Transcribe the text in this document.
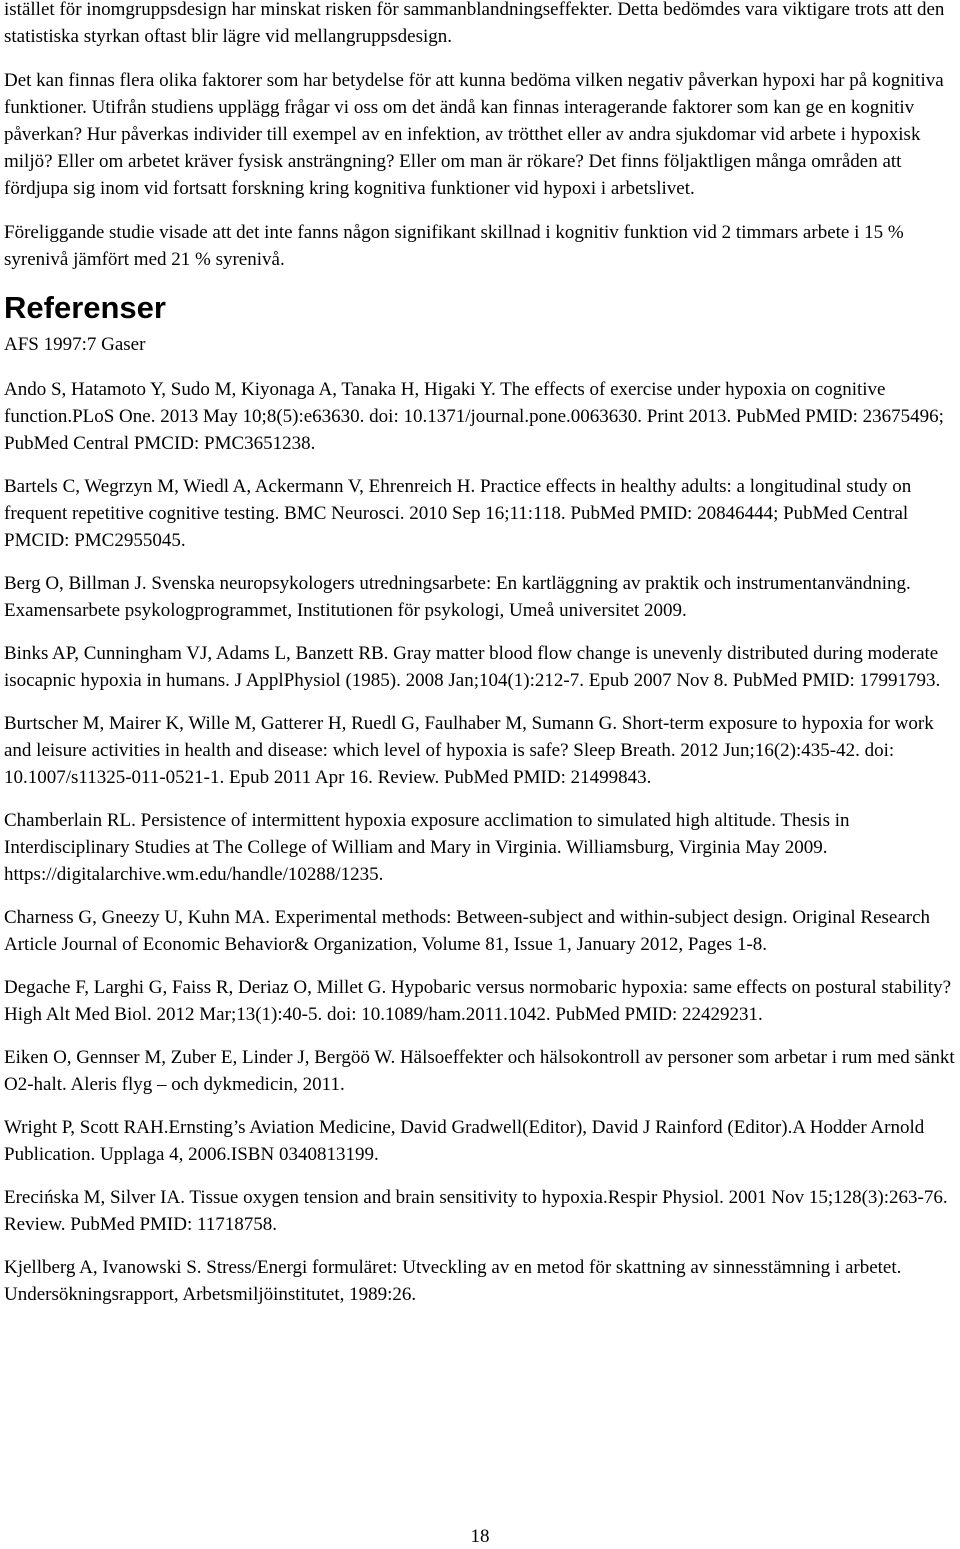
istället för inomgruppsdesign har minskat risken för sammanblandningseffekter. Detta bedömdes vara viktigare trots att den statistiska styrkan oftast blir lägre vid mellangruppsdesign.

Det kan finnas flera olika faktorer som har betydelse för att kunna bedöma vilken negativ påverkan hypoxi har på kognitiva funktioner. Utifrån studiens upplägg frågar vi oss om det ändå kan finnas interagerande faktorer som kan ge en kognitiv påverkan? Hur påverkas individer till exempel av en infektion, av trötthet eller av andra sjukdomar vid arbete i hypoxisk miljö? Eller om arbetet kräver fysisk ansträngning? Eller om man är rökare? Det finns följaktligen många områden att fördjupa sig inom vid fortsatt forskning kring kognitiva funktioner vid hypoxi i arbetslivet.

Föreliggande studie visade att det inte fanns någon signifikant skillnad i kognitiv funktion vid 2 timmars arbete i 15 % syrenivå jämfört med 21 % syrenivå.

Referenser

AFS 1997:7 Gaser

Ando S, Hatamoto Y, Sudo M, Kiyonaga A, Tanaka H, Higaki Y. The effects of exercise under hypoxia on cognitive function.PLoS One. 2013 May 10;8(5):e63630. doi: 10.1371/journal.pone.0063630. Print 2013. PubMed PMID: 23675496; PubMed Central PMCID: PMC3651238.

Bartels C, Wegrzyn M, Wiedl A, Ackermann V, Ehrenreich H. Practice effects in healthy adults: a longitudinal study on frequent repetitive cognitive testing. BMC Neurosci. 2010 Sep 16;11:118. PubMed PMID: 20846444; PubMed Central PMCID: PMC2955045.

Berg O, Billman J. Svenska neuropsykologers utredningsarbete: En kartläggning av praktik och instrumentanvändning. Examensarbete psykologprogrammet, Institutionen för psykologi, Umeå universitet 2009.

Binks AP, Cunningham VJ, Adams L, Banzett RB. Gray matter blood flow change is unevenly distributed during moderate isocapnic hypoxia in humans. J ApplPhysiol (1985). 2008 Jan;104(1):212-7. Epub 2007 Nov 8. PubMed PMID: 17991793.

Burtscher M, Mairer K, Wille M, Gatterer H, Ruedl G, Faulhaber M, Sumann G. Short-term exposure to hypoxia for work and leisure activities in health and disease: which level of hypoxia is safe? Sleep Breath. 2012 Jun;16(2):435-42. doi: 10.1007/s11325-011-0521-1. Epub 2011 Apr 16. Review. PubMed PMID: 21499843.

Chamberlain RL. Persistence of intermittent hypoxia exposure acclimation to simulated high altitude. Thesis in Interdisciplinary Studies at The College of William and Mary in Virginia. Williamsburg, Virginia May 2009. https://digitalarchive.wm.edu/handle/10288/1235.

Charness G, Gneezy U, Kuhn MA. Experimental methods: Between-subject and within-subject design. Original Research Article Journal of Economic Behavior& Organization, Volume 81, Issue 1, January 2012, Pages 1-8.

Degache F, Larghi G, Faiss R, Deriaz O, Millet G. Hypobaric versus normobaric hypoxia: same effects on postural stability? High Alt Med Biol. 2012 Mar;13(1):40-5. doi: 10.1089/ham.2011.1042. PubMed PMID: 22429231.

Eiken O, Gennser M, Zuber E, Linder J, Bergöö W. Hälsoeffekter och hälsokontroll av personer som arbetar i rum med sänkt O2-halt. Aleris flyg – och dykmedicin, 2011.

Wright P, Scott RAH.Ernsting’s Aviation Medicine, David Gradwell(Editor), David J Rainford (Editor).A Hodder Arnold Publication. Upplaga 4, 2006.ISBN 0340813199.

Erecińska M, Silver IA. Tissue oxygen tension and brain sensitivity to hypoxia.Respir Physiol. 2001 Nov 15;128(3):263-76. Review. PubMed PMID: 11718758.

Kjellberg A, Ivanowski S. Stress/Energi formuläret: Utveckling av en metod för skattning av sinnesstämning i arbetet. Undersökningsrapport, Arbetsmiljöinstitutet, 1989:26.

18
